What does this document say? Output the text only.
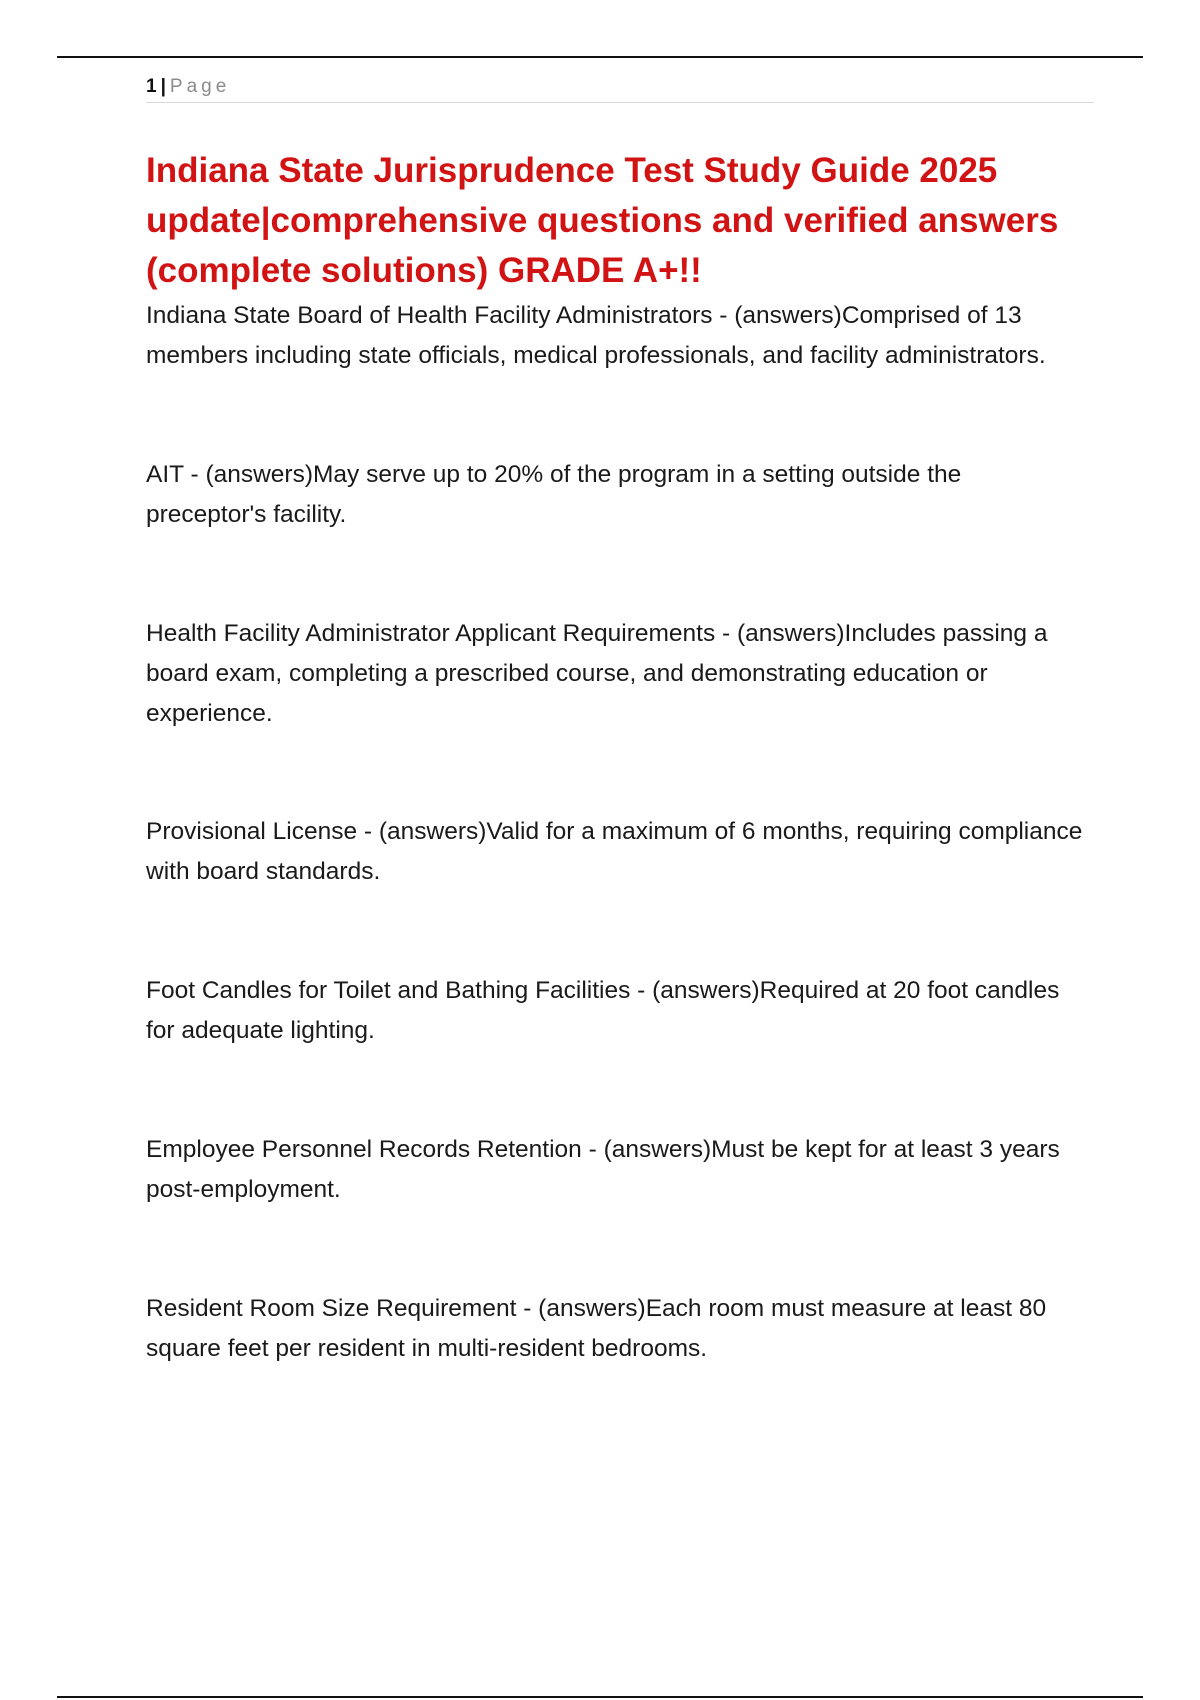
1 | Page
Indiana State Jurisprudence Test Study Guide 2025 update|comprehensive questions and verified answers (complete solutions) GRADE A+!!

Indiana State Board of Health Facility Administrators - (answers)Comprised of 13 members including state officials, medical professionals, and facility administrators.

AIT - (answers)May serve up to 20% of the program in a setting outside the preceptor's facility.

Health Facility Administrator Applicant Requirements - (answers)Includes passing a board exam, completing a prescribed course, and demonstrating education or experience.

Provisional License - (answers)Valid for a maximum of 6 months, requiring compliance with board standards.

Foot Candles for Toilet and Bathing Facilities - (answers)Required at 20 foot candles for adequate lighting.

Employee Personnel Records Retention - (answers)Must be kept for at least 3 years post-employment.

Resident Room Size Requirement - (answers)Each room must measure at least 80 square feet per resident in multi-resident bedrooms.
